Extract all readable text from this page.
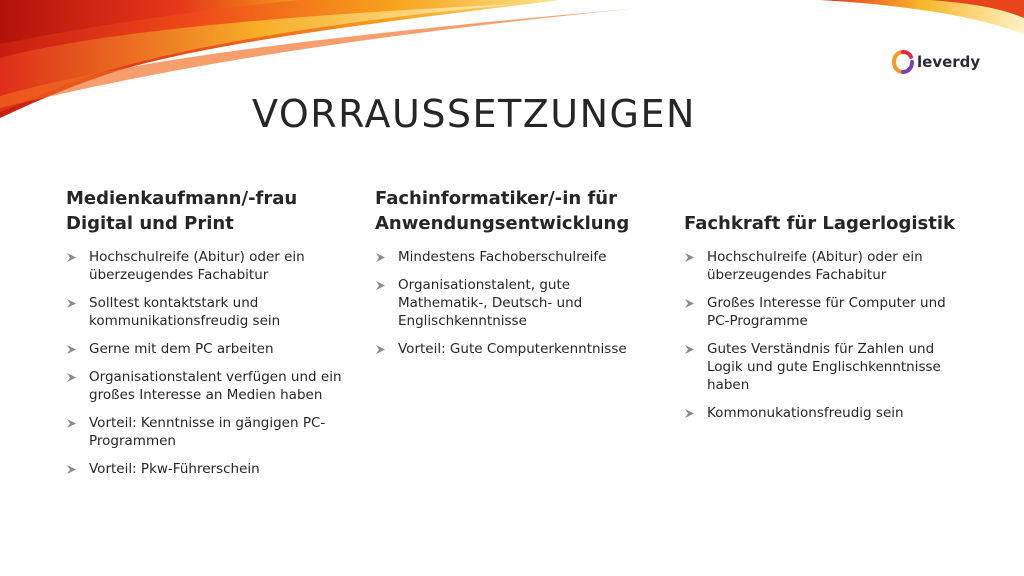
leverdy
VORRAUSSETZUNGEN
Medienkaufmann/-frau Digital und Print
Hochschulreife (Abitur) oder ein überzeugendes Fachabitur
Solltest kontaktstark und kommunikationsfreudig sein
Gerne mit dem PC arbeiten
Organisationstalent verfügen und ein großes Interesse an Medien haben
Vorteil: Kenntnisse in gängigen PC-Programmen
Vorteil: Pkw-Führerschein
Fachinformatiker/-in für Anwendungsentwicklung
Mindestens Fachoberschulreife
Organisationstalent, gute Mathematik-, Deutsch- und Englischkenntnisse
Vorteil: Gute Computerkenntnisse
Fachkraft für Lagerlogistik
Hochschulreife (Abitur) oder ein überzeugendes Fachabitur
Großes Interesse für Computer und PC-Programme
Gutes Verständnis für Zahlen und Logik und gute Englischkenntnisse haben
Kommonukationsfreudig sein
